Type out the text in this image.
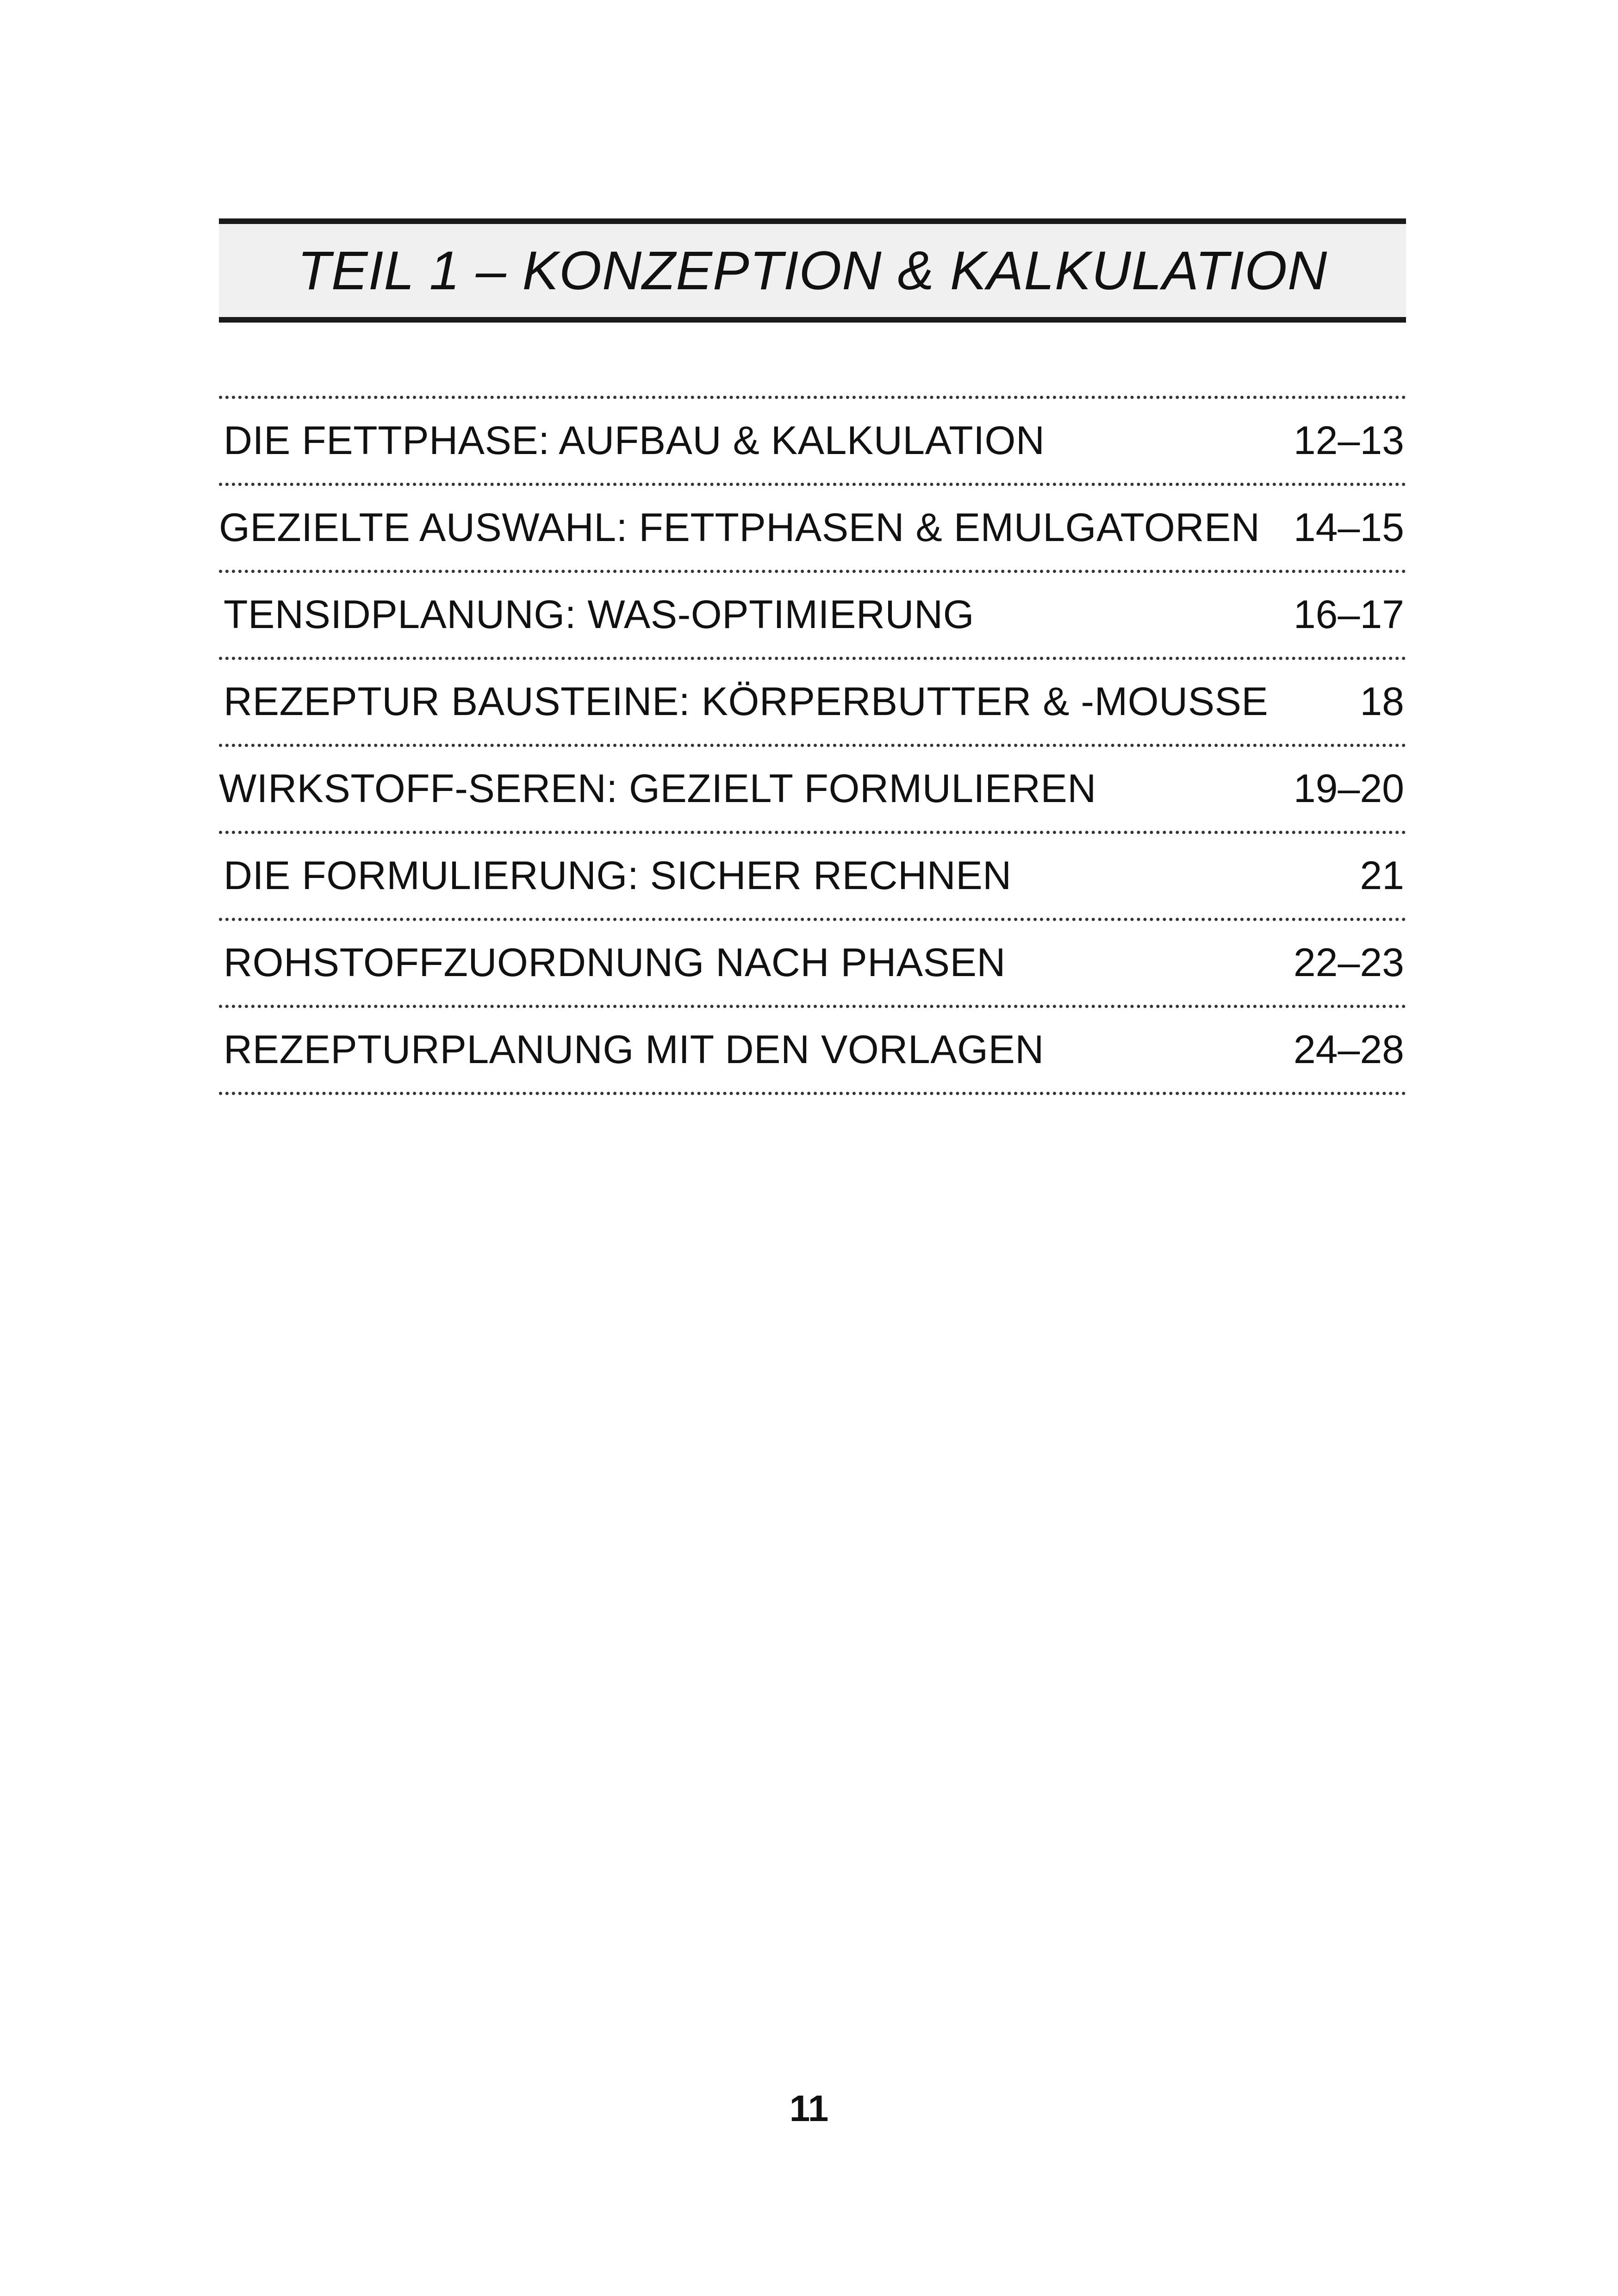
TEIL 1 – KONZEPTION & KALKULATION
DIE FETTPHASE: AUFBAU & KALKULATION	12–13
GEZIELTE AUSWAHL: FETTPHASEN & EMULGATOREN 14–15
TENSIDPLANUNG: WAS-OPTIMIERUNG	16–17
REZEPTUR BAUSTEINE: KÖRPERBUTTER & -MOUSSE 18
WIRKSTOFF-SEREN: GEZIELT FORMULIEREN	19–20
DIE FORMULIERUNG: SICHER RECHNEN	21
ROHSTOFFZUORDNUNG NACH PHASEN	22–23
REZEPTURPLANUNG MIT DEN VORLAGEN	24–28
11
